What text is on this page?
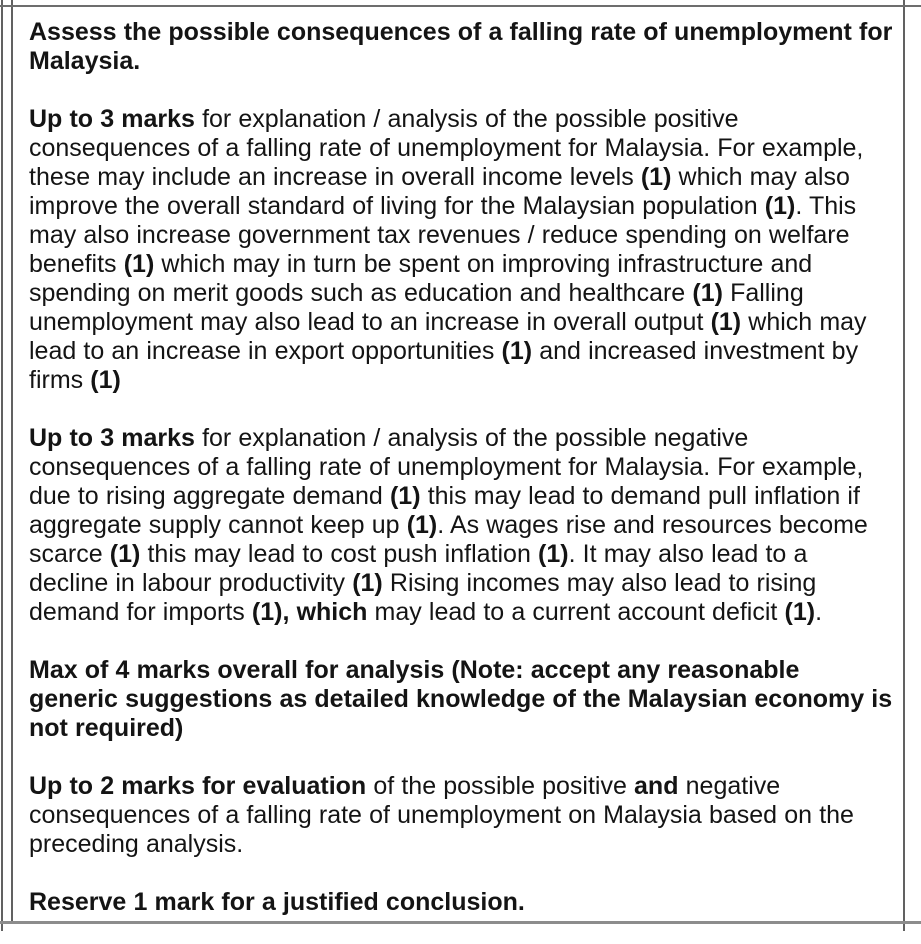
Assess the possible consequences of a falling rate of unemployment for Malaysia.
Up to 3 marks for explanation / analysis of the possible positive consequences of a falling rate of unemployment for Malaysia. For example, these may include an increase in overall income levels (1) which may also improve the overall standard of living for the Malaysian population (1). This may also increase government tax revenues / reduce spending on welfare benefits (1) which may in turn be spent on improving infrastructure and spending on merit goods such as education and healthcare (1) Falling unemployment may also lead to an increase in overall output (1) which may lead to an increase in export opportunities (1) and increased investment by firms (1)
Up to 3 marks for explanation / analysis of the possible negative consequences of a falling rate of unemployment for Malaysia. For example, due to rising aggregate demand (1) this may lead to demand pull inflation if aggregate supply cannot keep up (1). As wages rise and resources become scarce (1) this may lead to cost push inflation (1). It may also lead to a decline in labour productivity (1) Rising incomes may also lead to rising demand for imports (1), which may lead to a current account deficit (1).
Max of 4 marks overall for analysis (Note: accept any reasonable generic suggestions as detailed knowledge of the Malaysian economy is not required)
Up to 2 marks for evaluation of the possible positive and negative consequences of a falling rate of unemployment on Malaysia based on the preceding analysis.
Reserve 1 mark for a justified conclusion.
